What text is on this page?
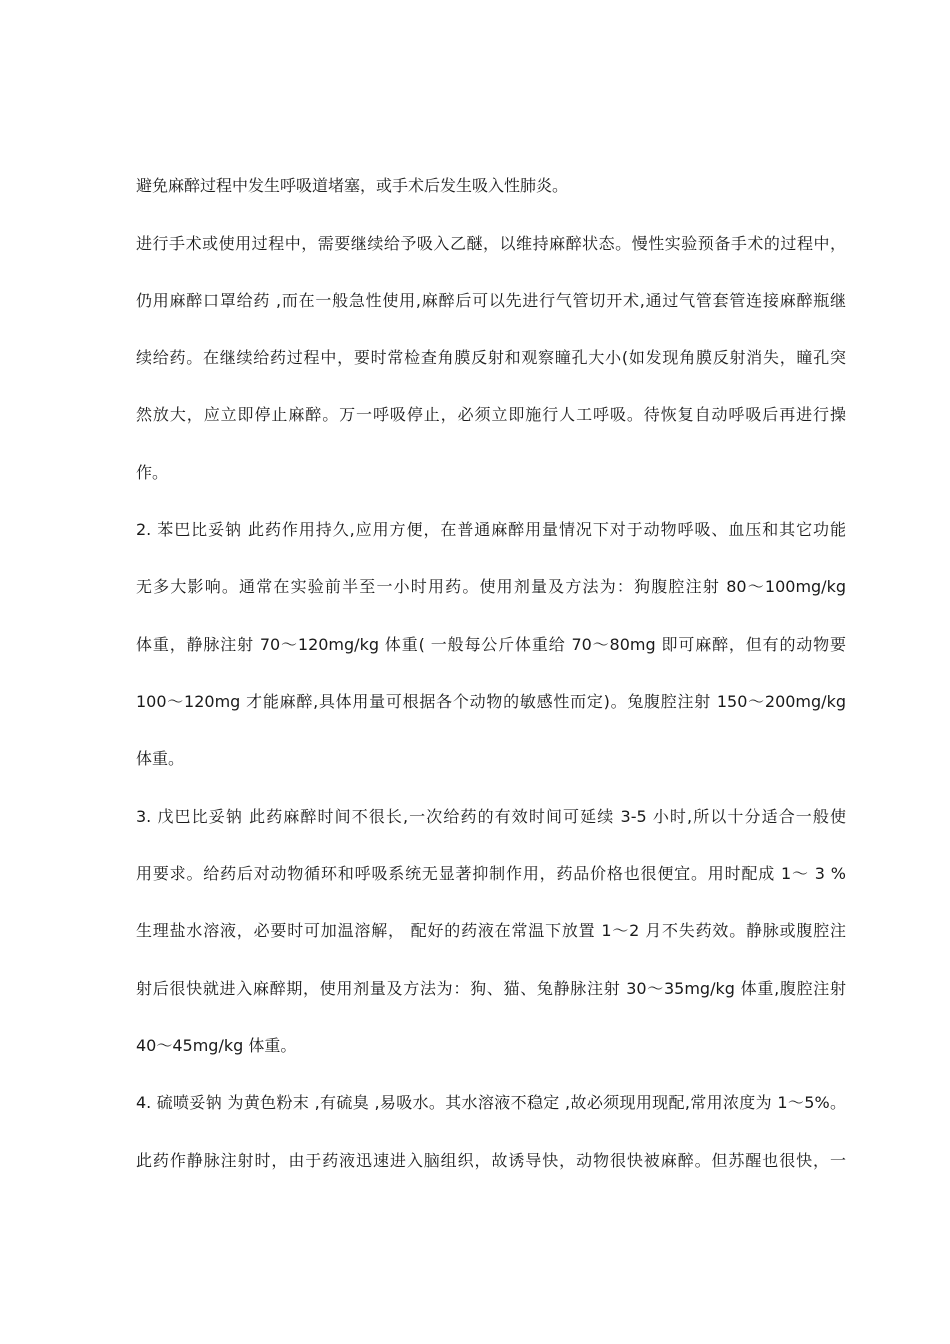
避免麻醉过程中发生呼吸道堵塞，或手术后发生吸入性肺炎。
进行手术或使用过程中，需要继续给予吸入乙醚，以维持麻醉状态。慢性实验预备手术的过程中，
仍用麻醉口罩给药 ,而在一般急性使用,麻醉后可以先进行气管切开术,通过气管套管连接麻醉瓶继
续给药。在继续给药过程中，要时常检查角膜反射和观察瞳孔大小(如发现角膜反射消失，瞳孔突
然放大，应立即停止麻醉。万一呼吸停止，必须立即施行人工呼吸。待恢复自动呼吸后再进行操
作。
2. 苯巴比妥钠 此药作用持久,应用方便，在普通麻醉用量情况下对于动物呼吸、血压和其它功能
无多大影响。通常在实验前半至一小时用药。使用剂量及方法为：狗腹腔注射 80～100mg/kg
体重，静脉注射 70～120mg/kg 体重( 一般每公斤体重给 70～80mg 即可麻醉，但有的动物要
100～120mg 才能麻醉,具体用量可根据各个动物的敏感性而定)。兔腹腔注射 150～200mg/kg
体重。
3. 戊巴比妥钠 此药麻醉时间不很长,一次给药的有效时间可延续 3-5 小时,所以十分适合一般使
用要求。给药后对动物循环和呼吸系统无显著抑制作用，药品价格也很便宜。用时配成 1～ 3 %
生理盐水溶液，必要时可加温溶解， 配好的药液在常温下放置 1～2 月不失药效。静脉或腹腔注
射后很快就进入麻醉期，使用剂量及方法为：狗、猫、兔静脉注射 30～35mg/kg 体重,腹腔注射
40～45mg/kg 体重。
4. 硫喷妥钠 为黄色粉末 ,有硫臭 ,易吸水。其水溶液不稳定 ,故必须现用现配,常用浓度为 1～5%。
此药作静脉注射时，由于药液迅速进入脑组织，故诱导快，动物很快被麻醉。但苏醒也很快，一
